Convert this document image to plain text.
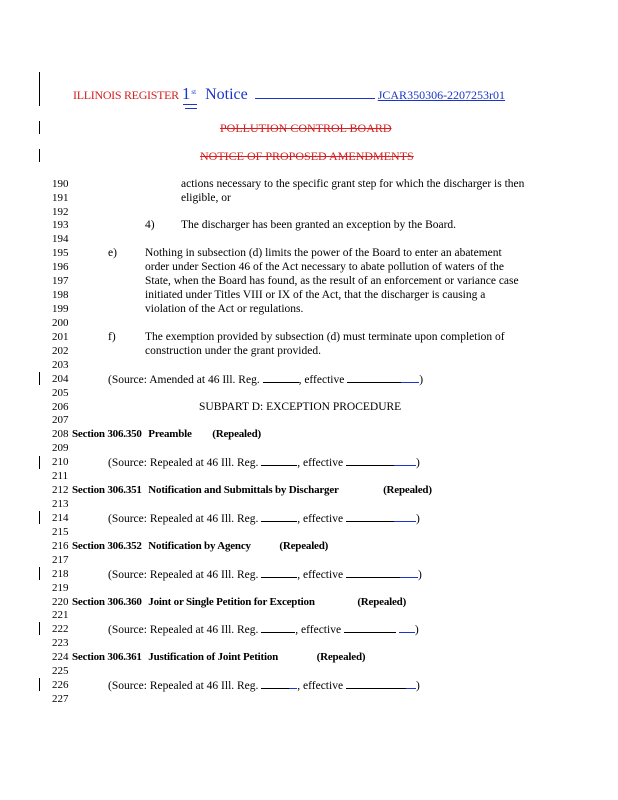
ILLINOIS REGISTER 1st Notice	JCAR350306-2207253r01
POLLUTION CONTROL BOARD
NOTICE OF PROPOSED AMENDMENTS
190
191
192
193
194
195
196
197
198
199
200
201
202
203
204
205
206
207
208
209
210
211
212
213
214
215
216
217
218
219
220
221
222
223
224
225
226
227
actions necessary to the specific grant step for which the discharger is then
eligible, or
4) The discharger has been granted an exception by the Board.
e) Nothing in subsection (d) limits the power of the Board to enter an abatement
order under Section 46 of the Act necessary to abate pollution of waters of the
State, when the Board has found, as the result of an enforcement or variance case
initiated under Titles VIII or IX of the Act, that the discharger is causing a
violation of the Act or regulations.
f)	The exemption provided by subsection (d) must terminate upon completion of
construction under the grant provided.
(Source: Amended at 46 Ill. Reg.	, effective	)
SUBPART D: EXCEPTION PROCEDURE
Section 306.350 Preamble (Repealed)
(Source: Repealed at 46 Ill. Reg.	, effective	)
Section 306.351 Notification and Submittals by Discharger	(Repealed)
(Source: Repealed at 46 Ill. Reg.	, effective	)
Section 306.352 Notification by Agency	(Repealed)
(Source: Repealed at 46 Ill. Reg.	, effective	)
Section 306.360 Joint or Single Petition for Exception	(Repealed)
(Source: Repealed at 46 Ill. Reg.	, effective	)
Section 306.361 Justification of Joint Petition	(Repealed)
(Source: Repealed at 46 Ill. Reg.	, effective	)
